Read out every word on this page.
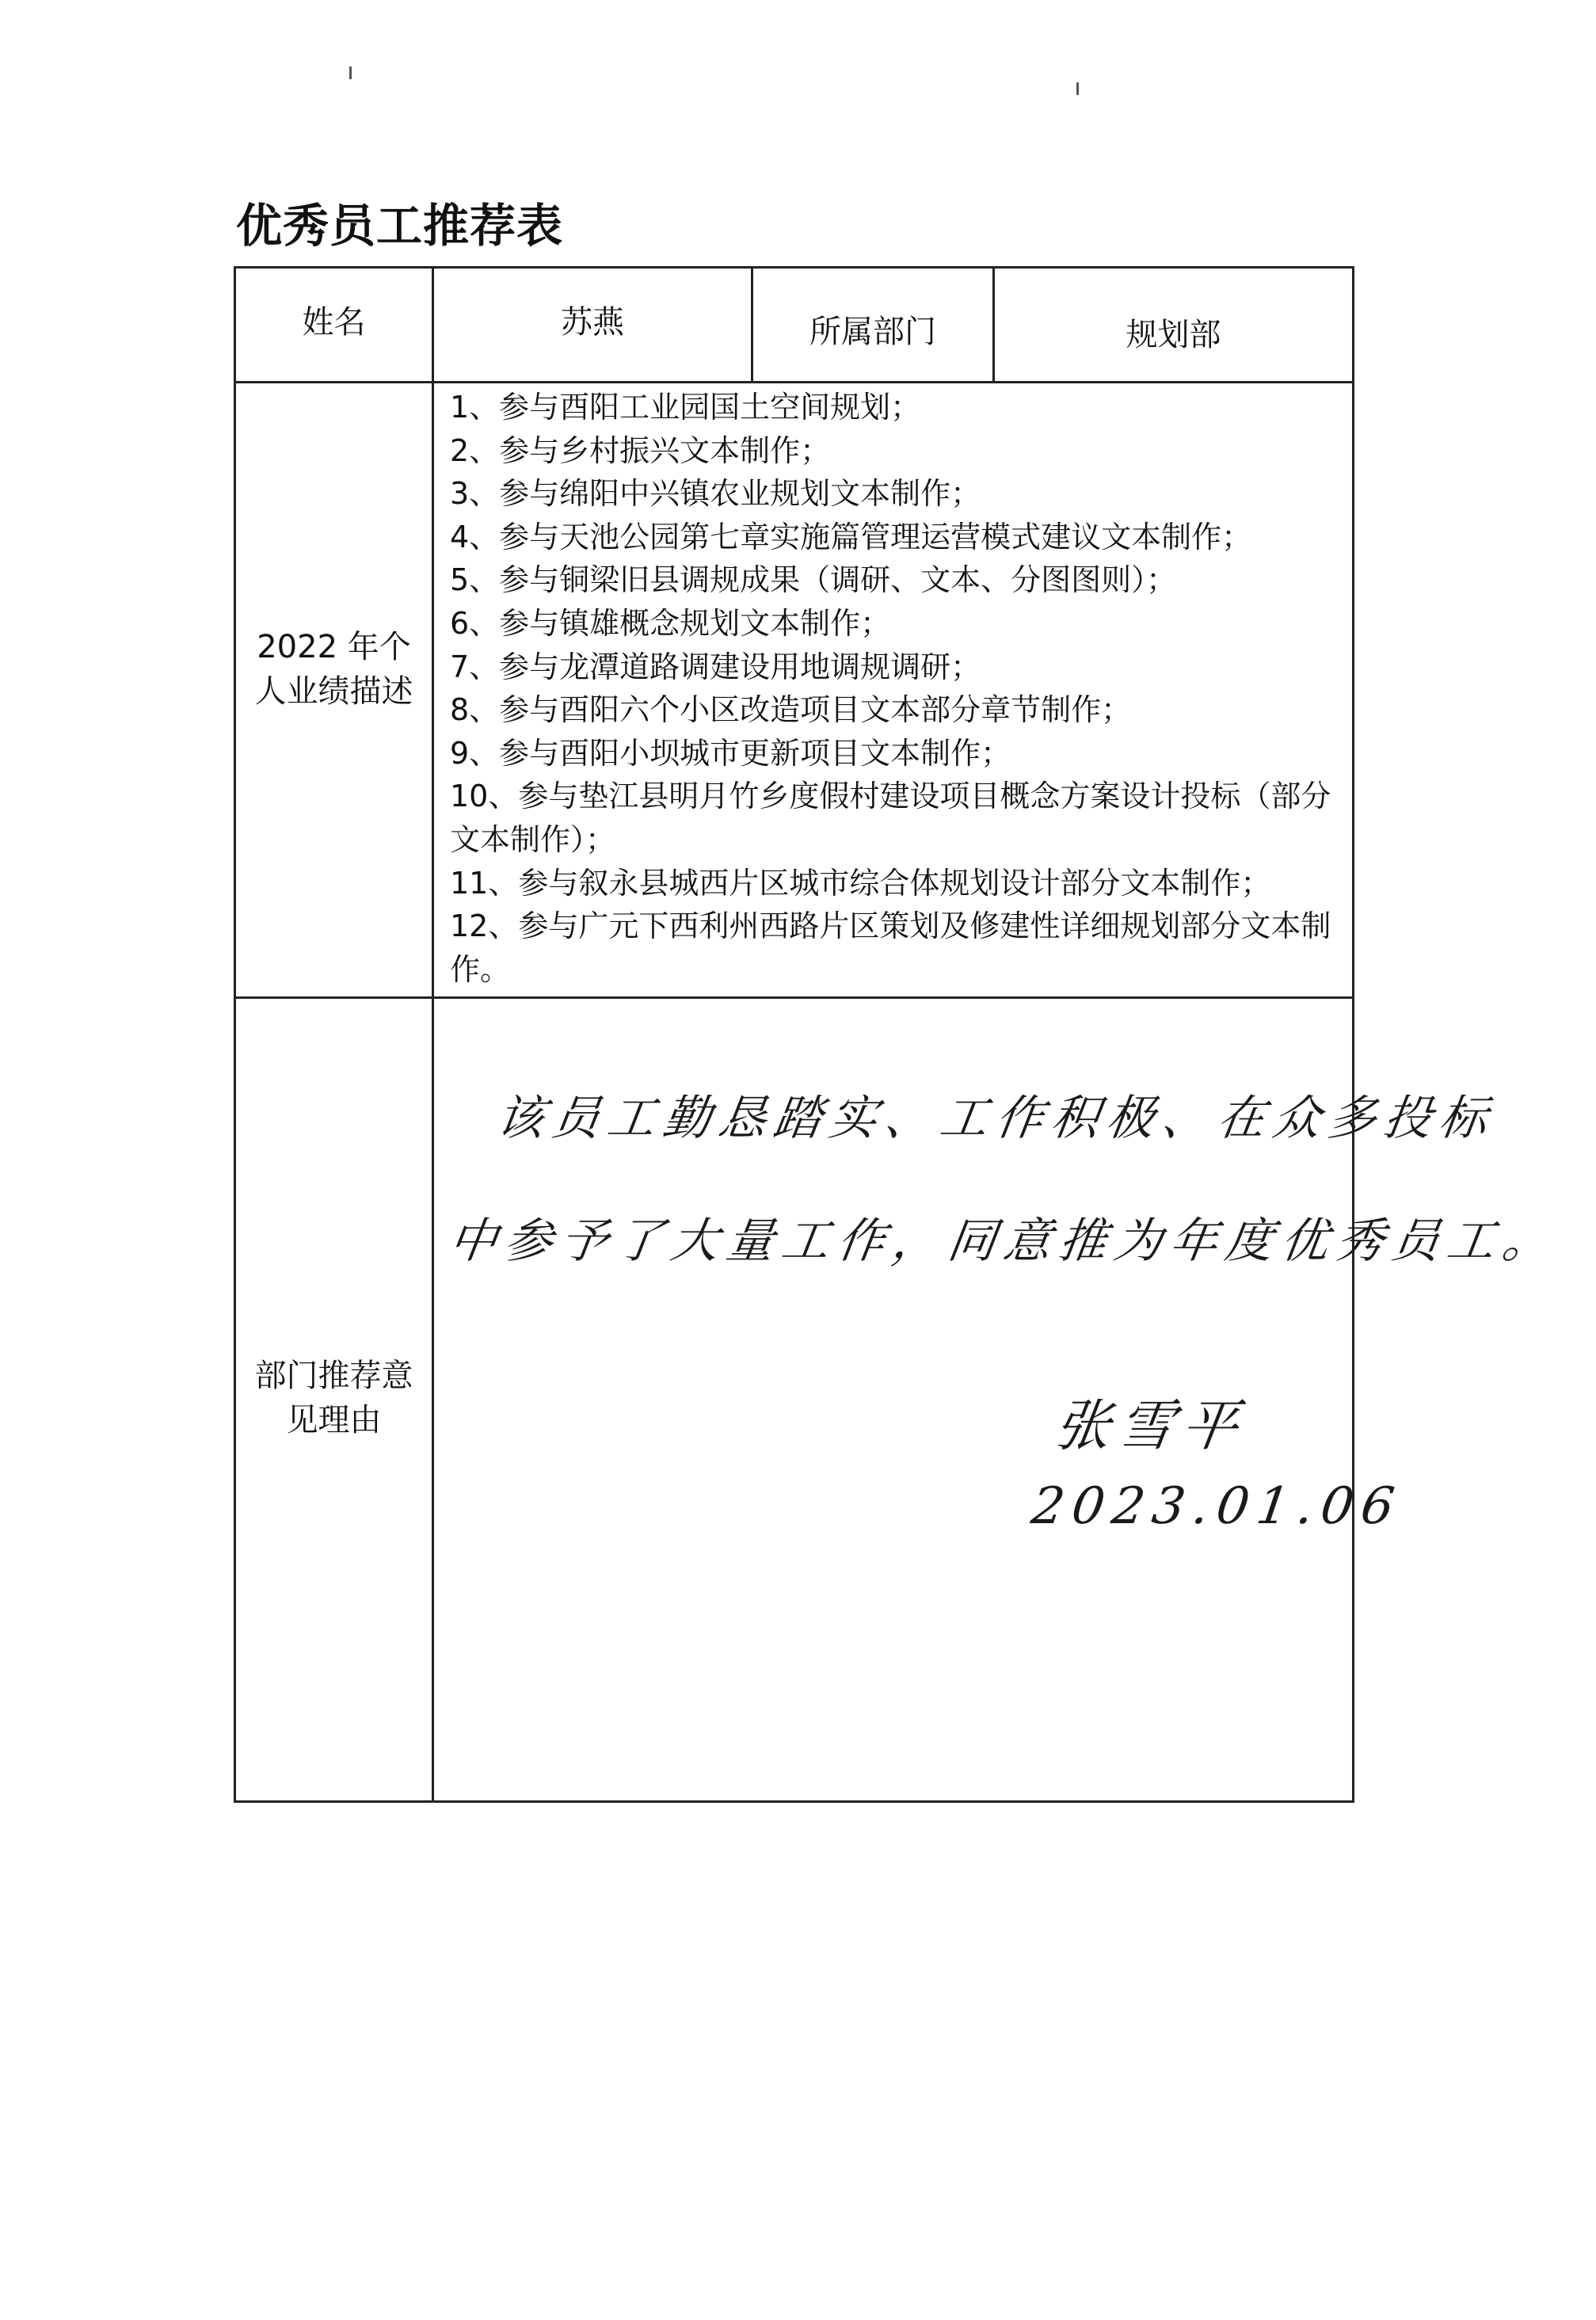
优秀员工推荐表
姓名	苏燕	所属部门	规划部
2022 年个人业绩描述
1、参与酉阳工业园国土空间规划；
2、参与乡村振兴文本制作；
3、参与绵阳中兴镇农业规划文本制作；
4、参与天池公园第七章实施篇管理运营模式建议文本制作；
5、参与铜梁旧县调规成果（调研、文本、分图图则）；
6、参与镇雄概念规划文本制作；
7、参与龙潭道路调建设用地调规调研；
8、参与酉阳六个小区改造项目文本部分章节制作；
9、参与酉阳小坝城市更新项目文本制作；
10、参与垫江县明月竹乡度假村建设项目概念方案设计投标（部分文本制作）；
11、参与叙永县城西片区城市综合体规划设计部分文本制作；
12、参与广元下西利州西路片区策划及修建性详细规划部分文本制作。
部门推荐意见理由
该员工勤恳踏实、工作积极、在众多投标
中参予了大量工作，同意推为年度优秀员工。
张雪平
2023.01.06
